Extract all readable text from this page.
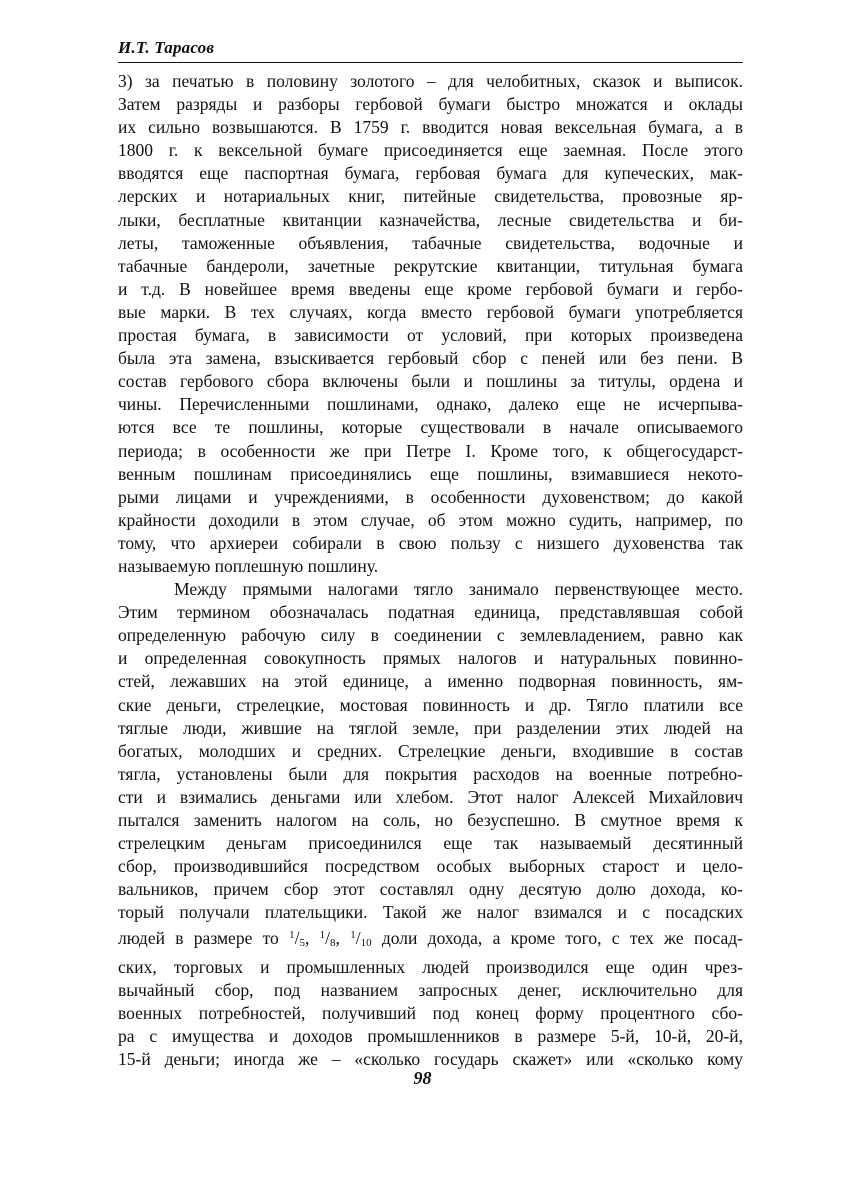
И.Т. Тарасов

3) за печатью в половину золотого – для челобитных, сказок и выписок.
Затем разряды и разборы гербовой бумаги быстро множатся и оклады
их сильно возвышаются. В 1759 г. вводится новая вексельная бумага, а в
1800 г. к вексельной бумаге присоединяется еще заемная. После этого
вводятся еще паспортная бумага, гербовая бумага для купеческих, мак-
лерских и нотариальных книг, питейные свидетельства, провозные яр-
лыки, бесплатные квитанции казначейства, лесные свидетельства и би-
леты, таможенные объявления, табачные свидетельства, водочные и
табачные бандероли, зачетные рекрутские квитанции, титульная бумага
и т.д. В новейшее время введены еще кроме гербовой бумаги и гербо-
вые марки. В тех случаях, когда вместо гербовой бумаги употребляется
простая бумага, в зависимости от условий, при которых произведена
была эта замена, взыскивается гербовый сбор с пеней или без пени. В
состав гербового сбора включены были и пошлины за титулы, ордена и
чины. Перечисленными пошлинами, однако, далеко еще не исчерпыва-
ются все те пошлины, которые существовали в начале описываемого
периода; в особенности же при Петре I. Кроме того, к общегосударст-
венным пошлинам присоединялись еще пошлины, взимавшиеся некото-
рыми лицами и учреждениями, в особенности духовенством; до какой
крайности доходили в этом случае, об этом можно судить, например, по
тому, что архиереи собирали в свою пользу с низшего духовенства так
называемую поплешную пошлину.

Между прямыми налогами тягло занимало первенствующее место.
Этим термином обозначалась податная единица, представлявшая собой
определенную рабочую силу в соединении с землевладением, равно как
и определенная совокупность прямых налогов и натуральных повинно-
стей, лежавших на этой единице, а именно подворная повинность, ям-
ские деньги, стрелецкие, мостовая повинность и др. Тягло платили все
тяглые люди, жившие на тяглой земле, при разделении этих людей на
богатых, молодших и средних. Стрелецкие деньги, входившие в состав
тягла, установлены были для покрытия расходов на военные потребно-
сти и взимались деньгами или хлебом. Этот налог Алексей Михайлович
пытался заменить налогом на соль, но безуспешно. В смутное время к
стрелецким деньгам присоединился еще так называемый десятинный
сбор, производившийся посредством особых выборных старост и цело-
вальников, причем сбор этот составлял одну десятую долю дохода, ко-
торый получали плательщики. Такой же налог взимался и с посадских
людей в размере то $^1$/5, $^1$/8, $^1$/10 доли дохода, а кроме того, с тех же посад-
ских, торговых и промышленных людей производился еще один чрез-
вычайный сбор, под названием запросных денег, исключительно для
военных потребностей, получивший под конец форму процентного сбо-
ра с имущества и доходов промышленников в размере 5-й, 10-й, 20-й,
15-й деньги; иногда же – «сколько государь скажет» или «сколько кому

98
